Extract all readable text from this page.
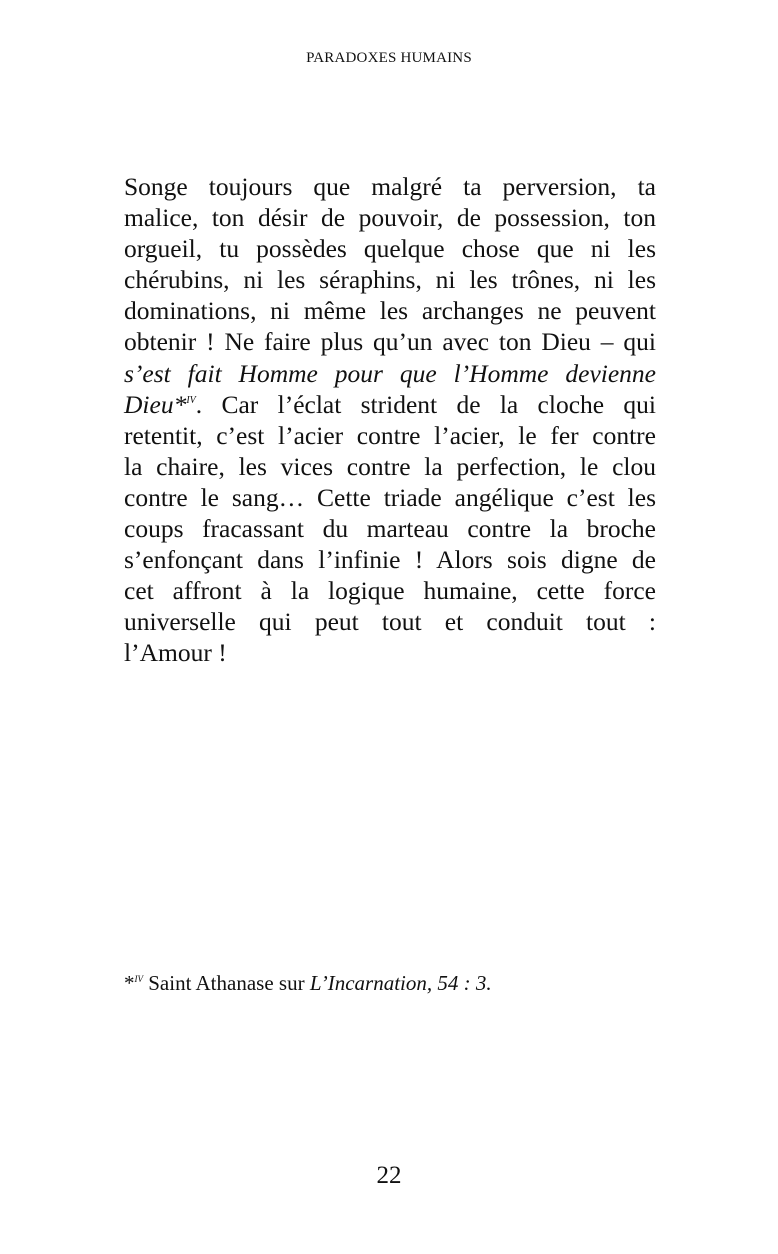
PARADOXES HUMAINS
Songe toujours que malgré ta perversion, ta
malice, ton désir de pouvoir, de possession, ton
orgueil, tu possèdes quelque chose que ni les
chérubins, ni les séraphins, ni les trônes, ni les
dominations, ni même les archanges ne peuvent
obtenir ! Ne faire plus qu’un avec ton Dieu – qui
s’est fait Homme pour que l’Homme devienne
Dieu*$^{IV}$. Car l’éclat strident de la cloche qui
retentit, c’est l’acier contre l’acier, le fer contre
la chaire, les vices contre la perfection, le clou
contre le sang… Cette triade angélique c’est les
coups fracassant du marteau contre la broche
s’enfonçant dans l’infinie ! Alors sois digne de
cet affront à la logique humaine, cette force
universelle qui peut tout et conduit tout :
l’Amour !
*$^{IV}$ Saint Athanase sur L’Incarnation, 54 : 3.
22
